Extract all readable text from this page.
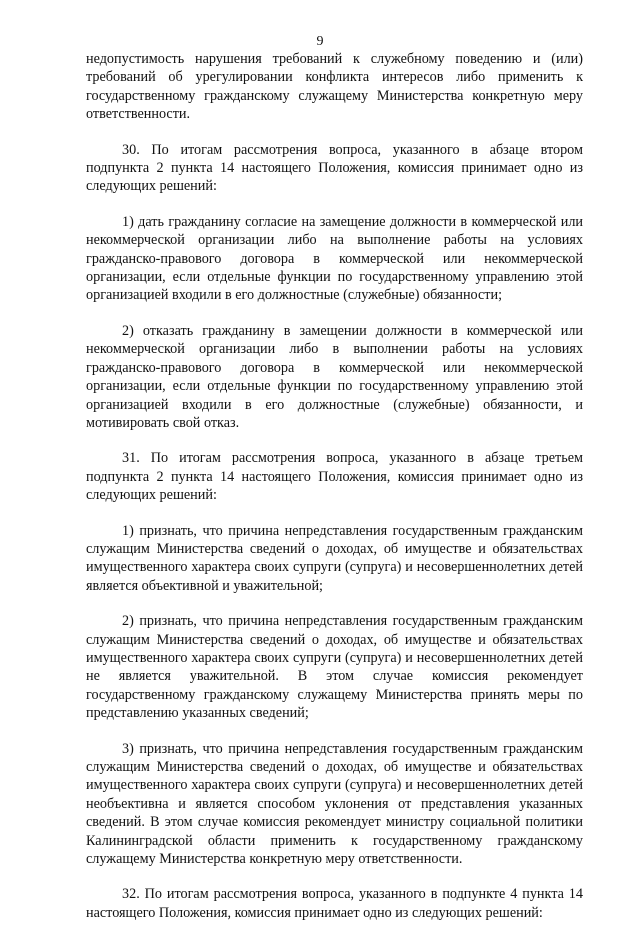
9

недопустимость нарушения требований к служебному поведению и (или) требований об урегулировании конфликта интересов либо применить к государственному гражданскому служащему Министерства конкретную меру ответственности.

30. По итогам рассмотрения вопроса, указанного в абзаце втором подпункта 2 пункта 14 настоящего Положения, комиссия принимает одно из следующих решений:

1) дать гражданину согласие на замещение должности в коммерческой или некоммерческой организации либо на выполнение работы на условиях гражданско-правового договора в коммерческой или некоммерческой организации, если отдельные функции по государственному управлению этой организацией входили в его должностные (служебные) обязанности;

2) отказать гражданину в замещении должности в коммерческой или некоммерческой организации либо в выполнении работы на условиях гражданско-правового договора в коммерческой или некоммерческой организации, если отдельные функции по государственному управлению этой организацией входили в его должностные (служебные) обязанности, и мотивировать свой отказ.

31. По итогам рассмотрения вопроса, указанного в абзаце третьем подпункта 2 пункта 14 настоящего Положения, комиссия принимает одно из следующих решений:

1) признать, что причина непредставления государственным гражданским служащим Министерства сведений о доходах, об имуществе и обязательствах имущественного характера своих супруги (супруга) и несовершеннолетних детей является объективной и уважительной;

2) признать, что причина непредставления государственным гражданским служащим Министерства сведений о доходах, об имуществе и обязательствах имущественного характера своих супруги (супруга) и несовершеннолетних детей не является уважительной. В этом случае комиссия рекомендует государственному гражданскому служащему Министерства принять меры по представлению указанных сведений;

3) признать, что причина непредставления государственным гражданским служащим Министерства сведений о доходах, об имуществе и обязательствах имущественного характера своих супруги (супруга) и несовершеннолетних детей необъективна и является способом уклонения от представления указанных сведений. В этом случае комиссия рекомендует министру социальной политики Калининградской области применить к государственному гражданскому служащему Министерства конкретную меру ответственности.

32. По итогам рассмотрения вопроса, указанного в подпункте 4 пункта 14 настоящего Положения, комиссия принимает одно из следующих решений:
